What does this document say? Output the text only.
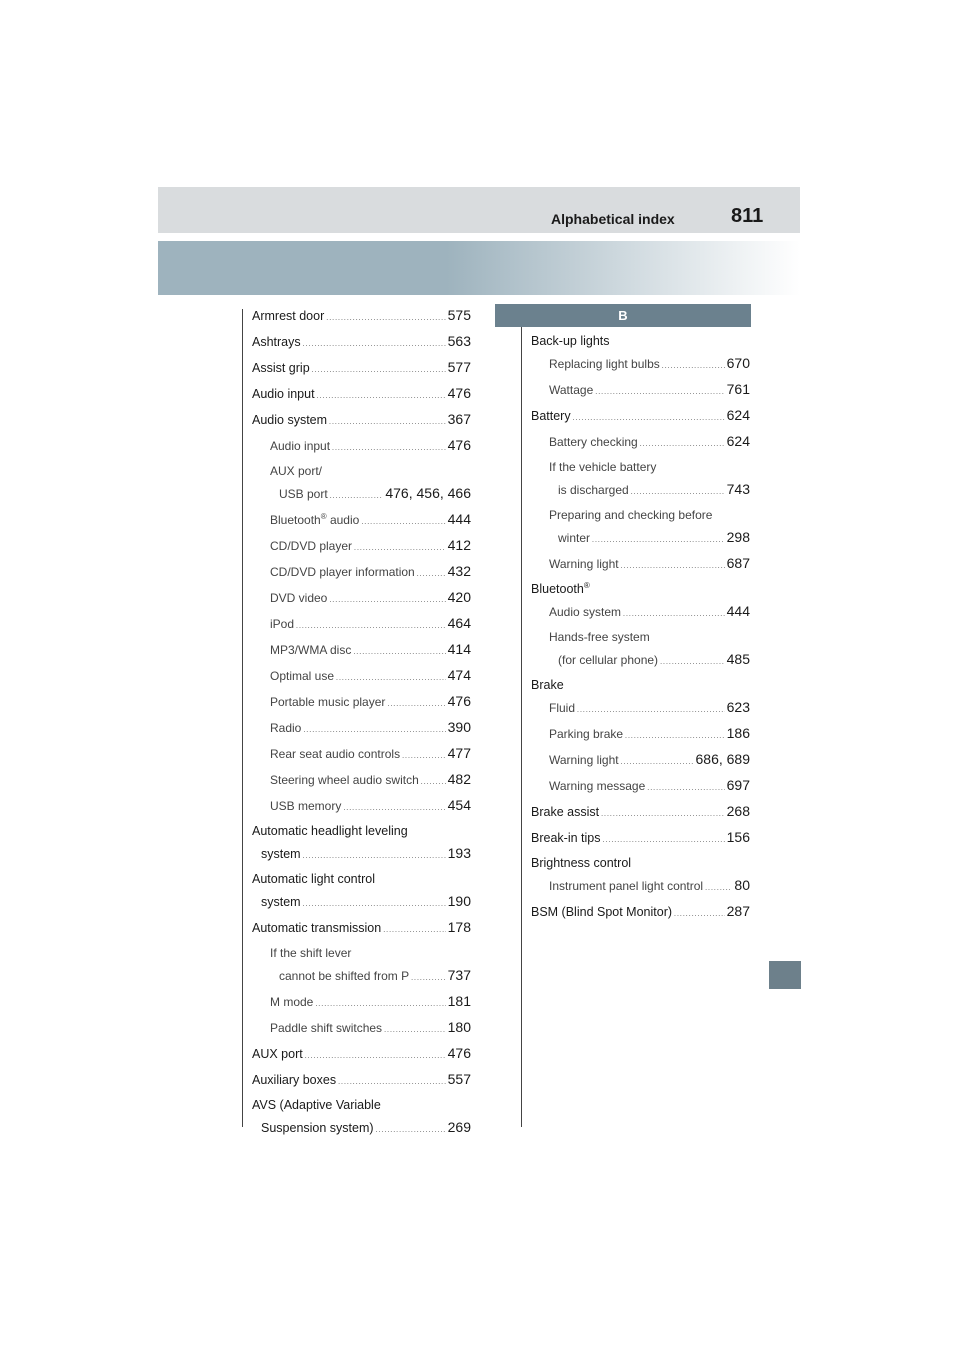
Alphabetical index	811
Armrest door .....	575
Ashtrays .....	563
Assist grip .....	577
Audio input .....	476
Audio system .....	367
Audio input .....	476
AUX port/
USB port .....	476, 456, 466
Bluetooth® audio .....	444
CD/DVD player .....	412
CD/DVD player information ..... 432
DVD video .....	420
iPod .....	464
MP3/WMA disc .....	414
Optimal use .....	474
Portable music player .....	476
Radio .....	390
Rear seat audio controls .....	477
Steering wheel audio switch ..... 482
USB memory .....	454
Automatic headlight leveling
system .....	193
Automatic light control
system .....	190
Automatic transmission .....	178
If the shift lever
cannot be shifted from P .....	737
M mode .....	181
Paddle shift switches .....	180
AUX port .....	476
Auxiliary boxes .....	557
AVS (Adaptive Variable
Suspension system) .....	269
B
Back-up lights
Replacing light bulbs .....	670
Wattage .....	761
Battery .....	624
Battery checking .....	624
If the vehicle battery
is discharged .....	743
Preparing and checking before
winter .....	298
Warning light .....	687
Bluetooth®
Audio system .....	444
Hands-free system
(for cellular phone) .....	485
Brake
Fluid .....	623
Parking brake .....	186
Warning light .....	686, 689
Warning message .....	697
Brake assist .....	268
Break-in tips .....	156
Brightness control
Instrument panel light control ..... 80
BSM (Blind Spot Monitor) .....	287
